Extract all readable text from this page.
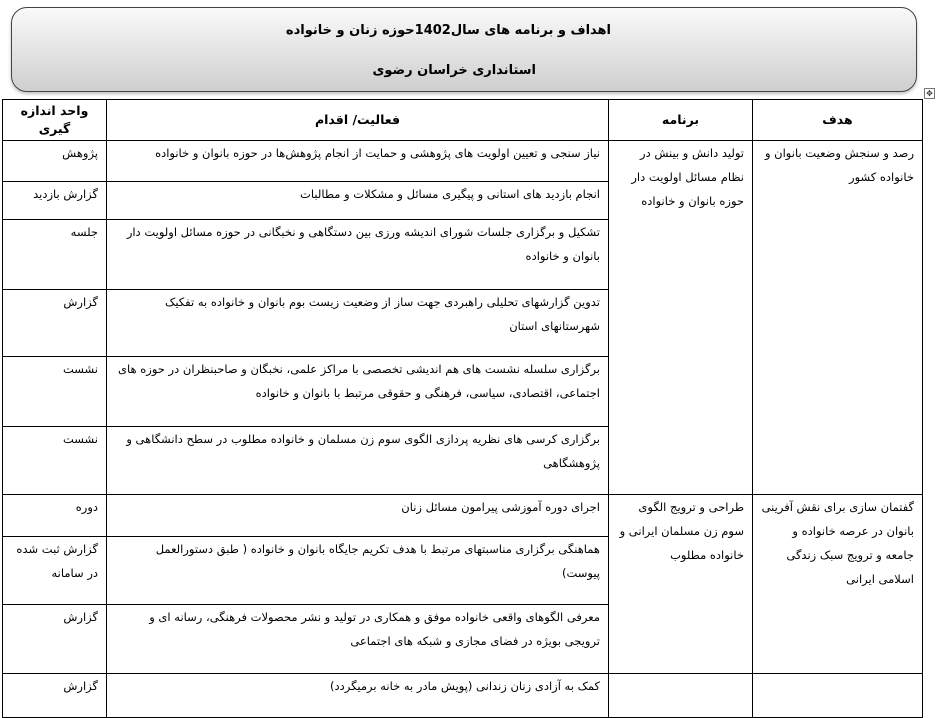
اهداف و برنامه های سال1402حوزه زنان و خانواده
استانداری خراسان رضوی
✥
هدف	برنامه	فعالیت/ اقدام	واحد اندازه گیری
رصد و سنجش وضعیت بانوان و خانواده کشور	تولید دانش و بینش در نظام مسائل اولویت دار حوزه بانوان و خانواده	نیاز سنجی و تعیین اولویت های پژوهشی و حمایت از انجام پژوهش‌ها در حوزه بانوان و خانواده	پژوهش
		انجام بازدید های استانی و پیگیری مسائل و مشکلات و مطالبات	گزارش بازدید
		تشکیل و برگزاری جلسات شورای اندیشه ورزی بین دستگاهی و نخبگانی در حوزه مسائل اولویت دار بانوان و خانواده	جلسه
		تدوین گزارشهای تحلیلی راهبردی جهت ساز از وضعیت زیست بوم بانوان و خانواده به تفکیک شهرستانهای استان	گزارش
		برگزاری سلسله نشست های هم اندیشی تخصصی با مراکز علمی، نخبگان و صاحبنظران در حوزه های اجتماعی، اقتصادی، سیاسی، فرهنگی و حقوقی مرتبط با بانوان و خانواده	نشست
		برگزاری کرسی های نظریه پردازی الگوی سوم زن مسلمان و خانواده مطلوب در سطح دانشگاهی و پژوهشگاهی	نشست
گفتمان سازی برای نقش آفرینی بانوان در عرصه خانواده و جامعه و ترویج سبک زندگی اسلامی ایرانی	طراحی و ترویج الگوی سوم زن مسلمان ایرانی و خانواده مطلوب	اجرای دوره آموزشی پیرامون مسائل زنان	دوره
		هماهنگی برگزاری مناسبتهای مرتبط با هدف تکریم جایگاه بانوان و خانواده ( طبق دستورالعمل پیوست)	گزارش ثبت شده در سامانه
		معرفی الگوهای واقعی خانواده موفق و همکاری در تولید و نشر محصولات فرهنگی، رسانه ای و ترویجی بویژه در فضای مجازی و شبکه های اجتماعی	گزارش
		کمک به آزادی زنان زندانی (پویش مادر به خانه برمیگردد)	گزارش
